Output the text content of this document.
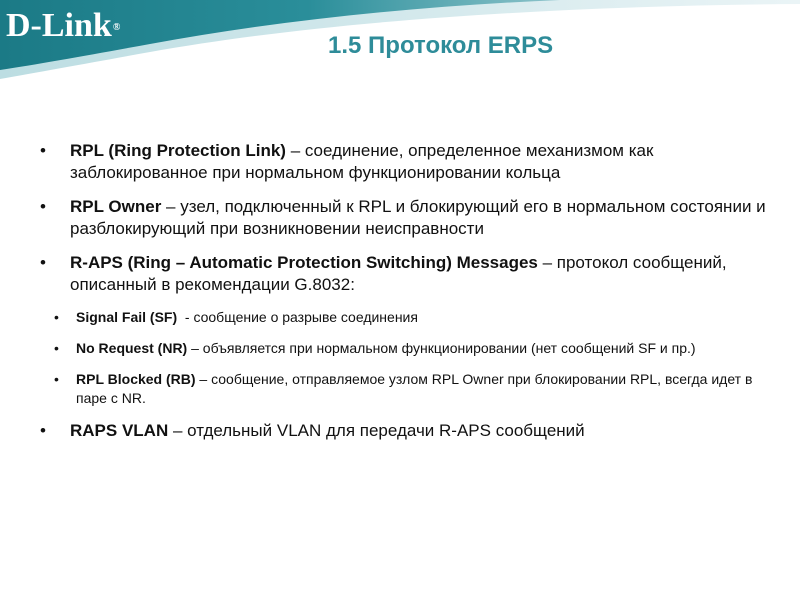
D-Link®
1.5 Протокол ERPS
• RPL (Ring Protection Link) – соединение, определенное механизмом как заблокированное при нормальном функционировании кольца
• RPL Owner – узел, подключенный к RPL и блокирующий его в нормальном состоянии и разблокирующий при возникновении неисправности
• R-APS (Ring – Automatic Protection Switching) Messages – протокол сообщений, описанный в рекомендации G.8032:
• Signal Fail (SF)  - сообщение о разрыве соединения
• No Request (NR) – объявляется при нормальном функционировании (нет сообщений SF и пр.)
• RPL Blocked (RB) – сообщение, отправляемое узлом RPL Owner при блокировании RPL, всегда идет в паре с NR.
• RAPS VLAN – отдельный VLAN для передачи R-APS сообщений
